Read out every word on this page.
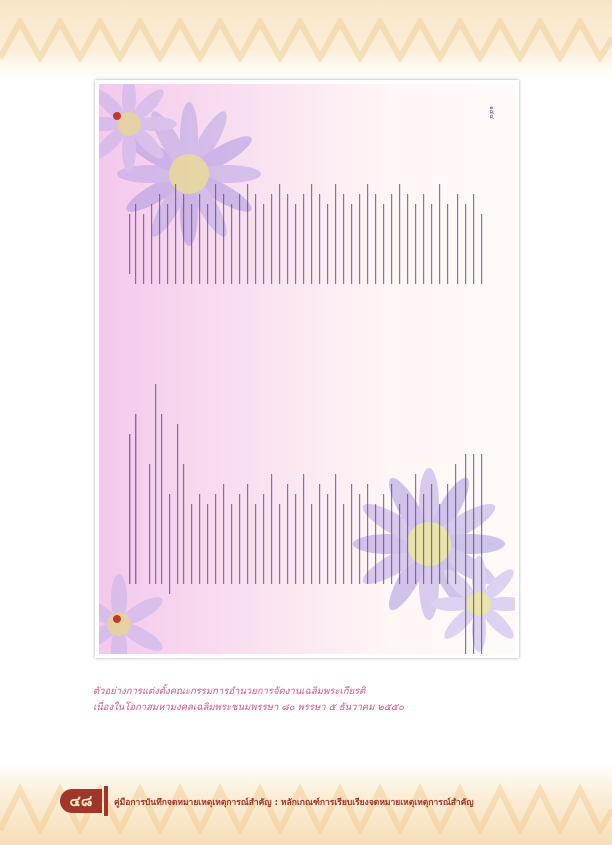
๑๕๔
ตัวอย่างการแต่งตั้งคณะกรรมการอำนวยการจัดงานเฉลิมพระเกียรติ
เนื่องในโอกาสมหามงคลเฉลิมพระชนมพรรษา ๘๐ พรรษา ๕ ธันวาคม ๒๕๕๐
๔๘	คู่มือการบันทึกจดหมายเหตุเหตุการณ์สำคัญ : หลักเกณฑ์การเรียบเรียงจดหมายเหตุเหตุการณ์สำคัญ
